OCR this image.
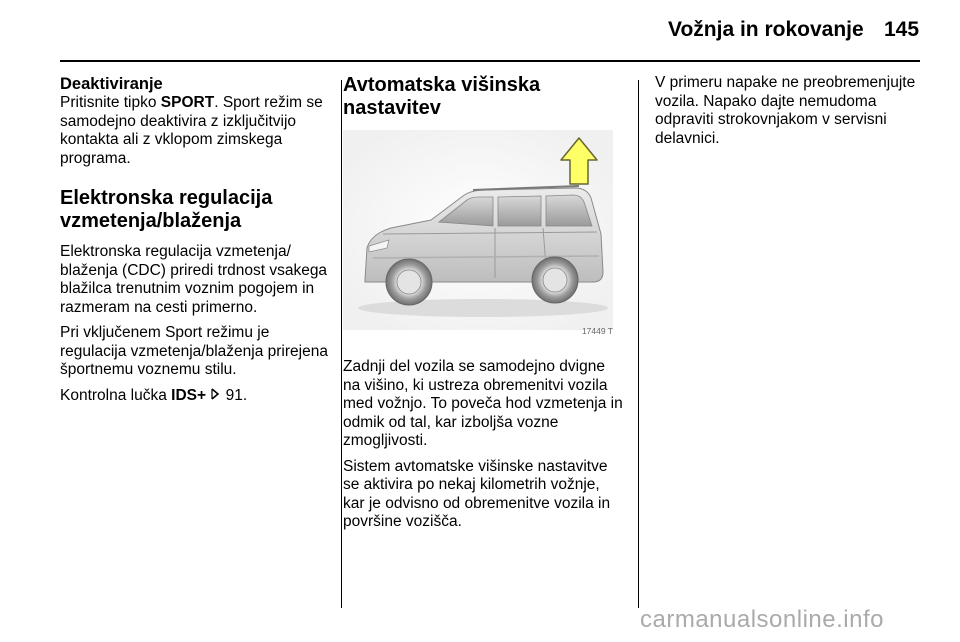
Vožnja in rokovanje 145
Deaktiviranje

Pritisnite tipko SPORT. Sport režim se samodejno deaktivira z izključitvijo kontakta ali z vklopom zimskega programa.

Elektronska regulacija vzmetenja/blaženja

Elektronska regulacija vzmetenja/ blaženja (CDC) priredi trdnost vsakega blažilca trenutnim voznim pogojem in razmeram na cesti primerno.

Pri vključenem Sport režimu je regulacija vzmetenja/blaženja prirejena športnemu voznemu stilu.

Kontrolna lučka IDS+  91.

Avtomatska višinska nastavitev
17449 T

Zadnji del vozila se samodejno dvigne na višino, ki ustreza obremenitvi vozila med vožnjo. To poveča hod vzmetenja in odmik od tal, kar izboljša vozne zmogljivosti.

Sistem avtomatske višinske nastavitve se aktivira po nekaj kilometrih vožnje, kar je odvisno od obremenitve vozila in površine vozišča.

V primeru napake ne preobremenjujte vozila. Napako dajte nemudoma odpraviti strokovnjakom v servisni delavnici.

carmanualsonline.info
